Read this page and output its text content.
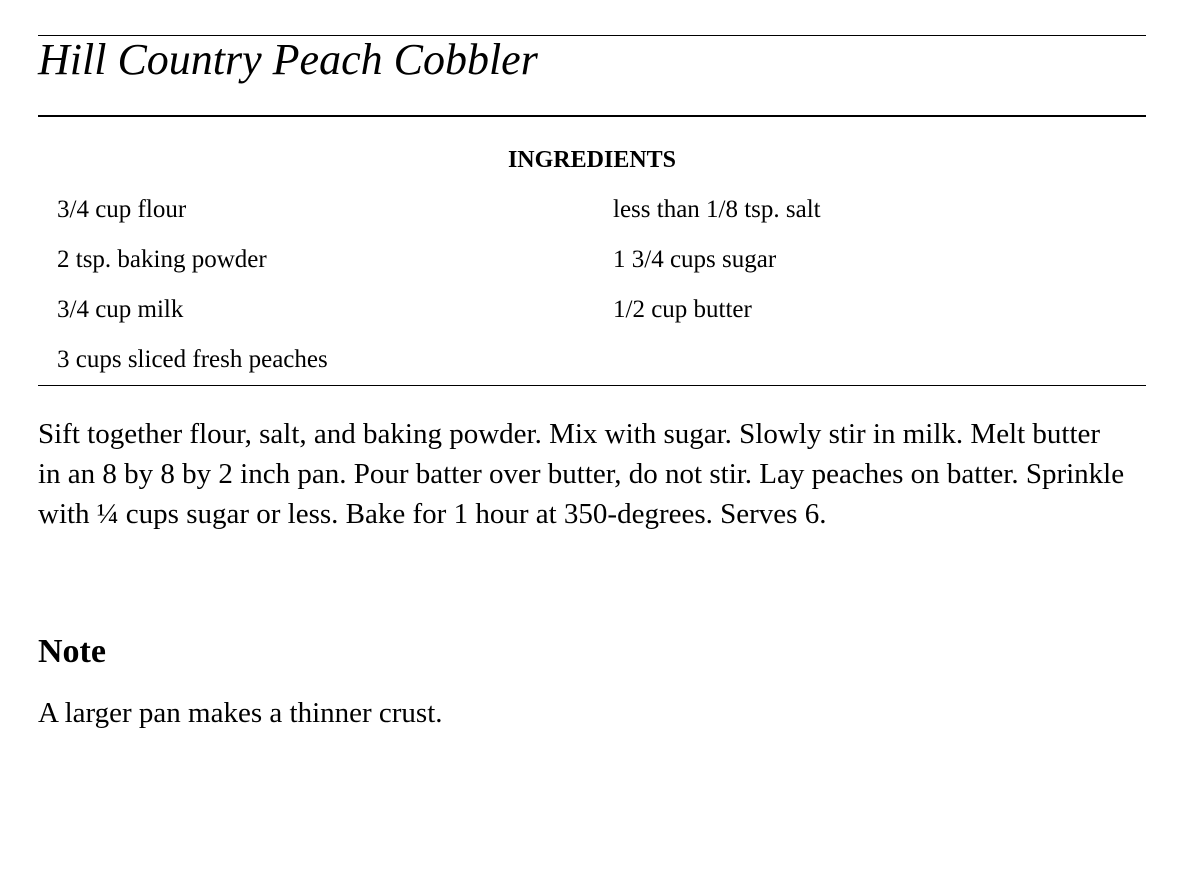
Hill Country Peach Cobbler
INGREDIENTS
3/4 cup flour	less than 1/8 tsp. salt
2 tsp. baking powder	1 3/4 cups sugar
3/4 cup milk	1/2 cup butter
3 cups sliced fresh peaches

Sift together flour, salt, and baking powder. Mix with sugar. Slowly stir in milk. Melt butter in an 8 by 8 by 2 inch pan. Pour batter over butter, do not stir. Lay peaches on batter. Sprinkle with ¼ cups sugar or less. Bake for 1 hour at 350-degrees. Serves 6.

Note

A larger pan makes a thinner crust.
